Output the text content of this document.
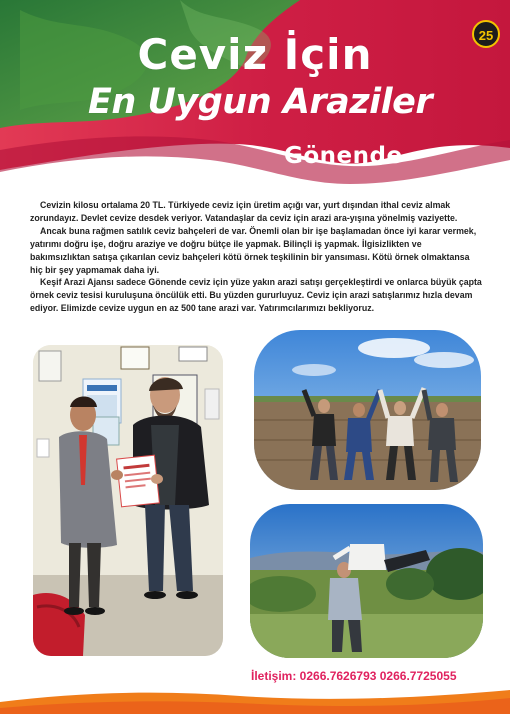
25
Ceviz İçin
En Uygun Araziler
Gönende

Cevizin kilosu ortalama 20 TL. Türkiyede ceviz için üretim açığı var, yurt dışından ithal ceviz almak zorundayız. Devlet cevize desdek veriyor. Vatandaşlar da ceviz için arazi ara-yışına yönelmiş vaziyette.

Ancak buna rağmen satılık ceviz bahçeleri de var. Önemli olan bir işe başlamadan önce iyi karar vermek, yatırımı doğru işe, doğru araziye ve doğru bütçe ile yapmak. Bilinçli iş yapmak. İlgisizlikten ve bakımsızlıktan satışa çıkarılan ceviz bahçeleri kötü örnek teşkilinin bir yansıması. Kötü örnek olmaktansa hiç bir şey yapmamak daha iyi.

Keşif Arazi Ajansı sadece Gönende ceviz için yüze yakın arazi satışı gerçekleştirdi ve onlarca büyük çapta örnek ceviz tesisi kuruluşuna öncülük etti. Bu yüzden gururluyuz. Ceviz için arazi satışlarımız hızla devam ediyor. Elimizde cevize uygun en az 500 tane arazi var. Yatırımcılarımızı bekliyoruz.

İletişim: 0266.7626793 0266.7725055
